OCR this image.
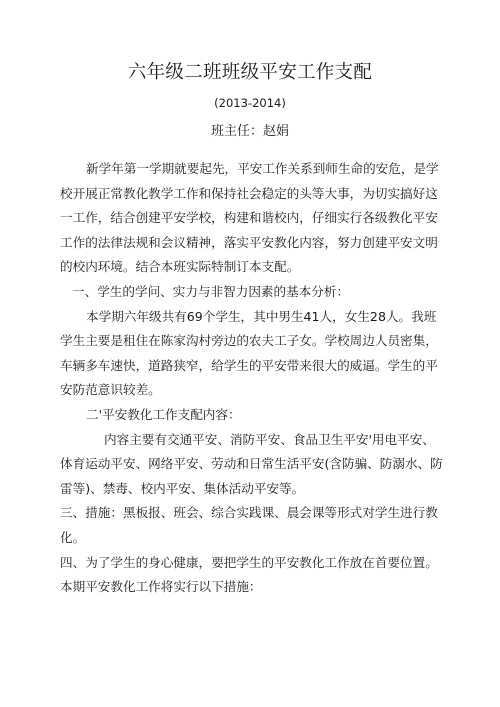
六年级二班班级平安工作支配
(2013-2014)
班主任：赵娟

新学年第一学期就要起先，平安工作关系到师生命的安危，是学校开展正常教化教学工作和保持社会稳定的头等大事，为切实搞好这一工作，结合创建平安学校，构建和谐校内，仔细实行各级教化平安工作的法律法规和会议精神，落实平安教化内容，努力创建平安文明的校内环境。结合本班实际特制订本支配。

一、学生的学问、实力与非智力因素的基本分析：

本学期六年级共有69个学生，其中男生41人，女生28人。我班学生主要是租住在陈家沟村旁边的农夫工子女。学校周边人员密集，车辆多车速快，道路狭窄，给学生的平安带来很大的威逼。学生的平安防范意识较差。

二'平安教化工作支配内容：

内容主要有交通平安、消防平安、食品卫生平安'用电平安、体育运动平安、网络平安、劳动和日常生活平安(含防骗、防溺水、防雷等)、禁毒、校内平安、集体活动平安等。

三、措施：黑板报、班会、综合实践课、晨会课等形式对学生进行教化。

四、为了学生的身心健康，要把学生的平安教化工作放在首要位置。本期平安教化工作将实行以下措施：
